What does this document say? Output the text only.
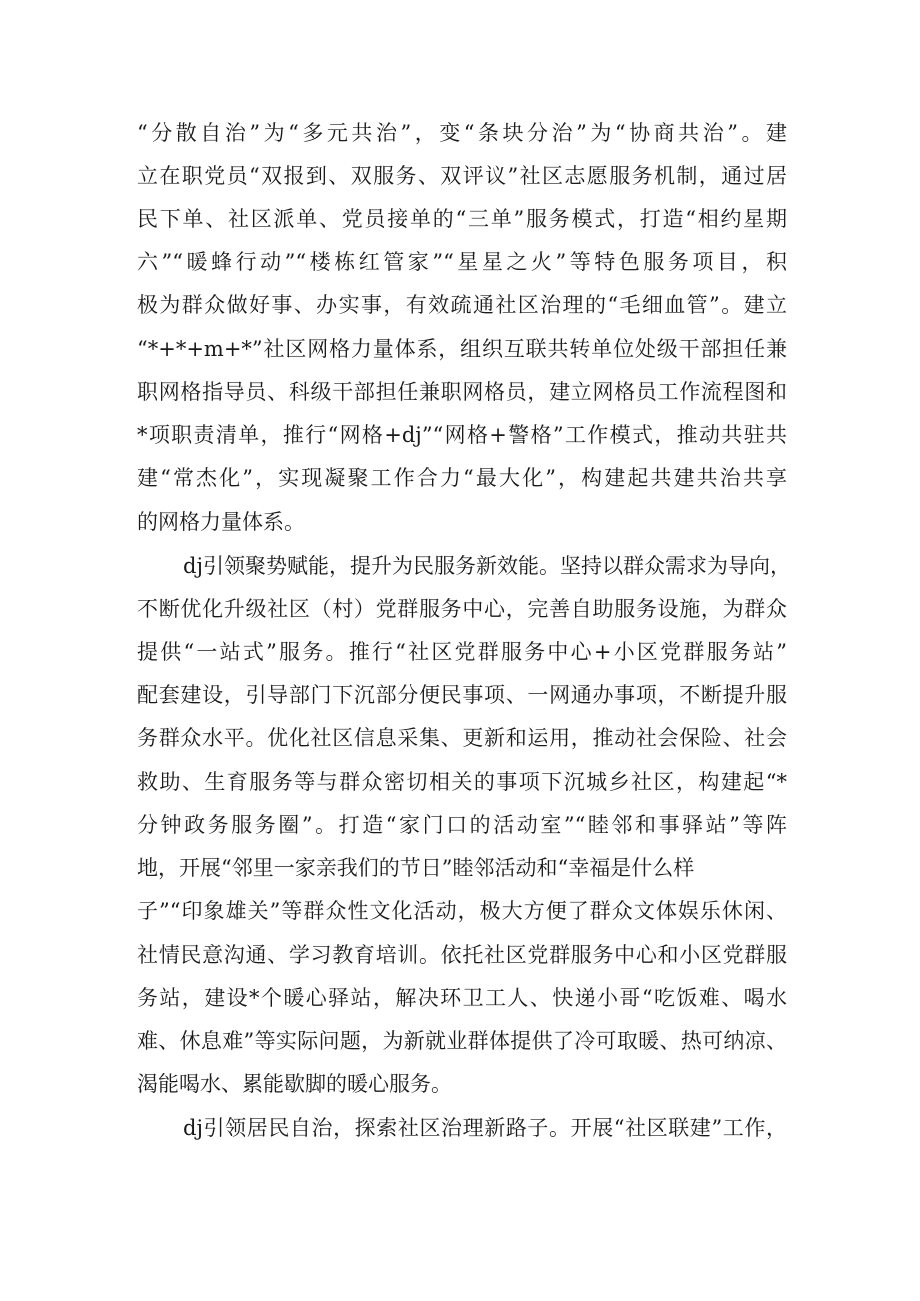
“分散自治”为“多元共治”，变“条块分治”为“协商共治”。建
立在职党员“双报到、双服务、双评议”社区志愿服务机制，通过居
民下单、社区派单、党员接单的“三单”服务模式，打造“相约星期
六”“暖蜂行动”“楼栋红管家”“星星之火”等特色服务项目，积
极为群众做好事、办实事，有效疏通社区治理的“毛细血管”。建立
“*+*+m+*”社区网格力量体系，组织互联共转单位处级干部担任兼
职网格指导员、科级干部担任兼职网格员，建立网格员工作流程图和
*项职责清单，推行“网格+dj”“网格+警格”工作模式，推动共驻共
建“常杰化”，实现凝聚工作合力“最大化”，构建起共建共治共享
的网格力量体系。
dj引领聚势赋能，提升为民服务新效能。坚持以群众需求为导向，
不断优化升级社区（村）党群服务中心，完善自助服务设施，为群众
提供“一站式”服务。推行“社区党群服务中心+小区党群服务站”
配套建设，引导部门下沉部分便民事项、一网通办事项，不断提升服
务群众水平。优化社区信息采集、更新和运用，推动社会保险、社会
救助、生育服务等与群众密切相关的事项下沉城乡社区，构建起“*
分钟政务服务圈”。打造“家门口的活动室”“睦邻和事驿站”等阵
地，开展“邻里一家亲我们的节日”睦邻活动和“幸福是什么样
子”“印象雄关”等群众性文化活动，极大方便了群众文体娱乐休闲、
社情民意沟通、学习教育培训。依托社区党群服务中心和小区党群服
务站，建设*个暖心驿站，解决环卫工人、快递小哥“吃饭难、喝水
难、休息难”等实际问题，为新就业群体提供了冷可取暖、热可纳凉、
渴能喝水、累能歇脚的暖心服务。
dj引领居民自治，探索社区治理新路子。开展“社区联建”工作，
